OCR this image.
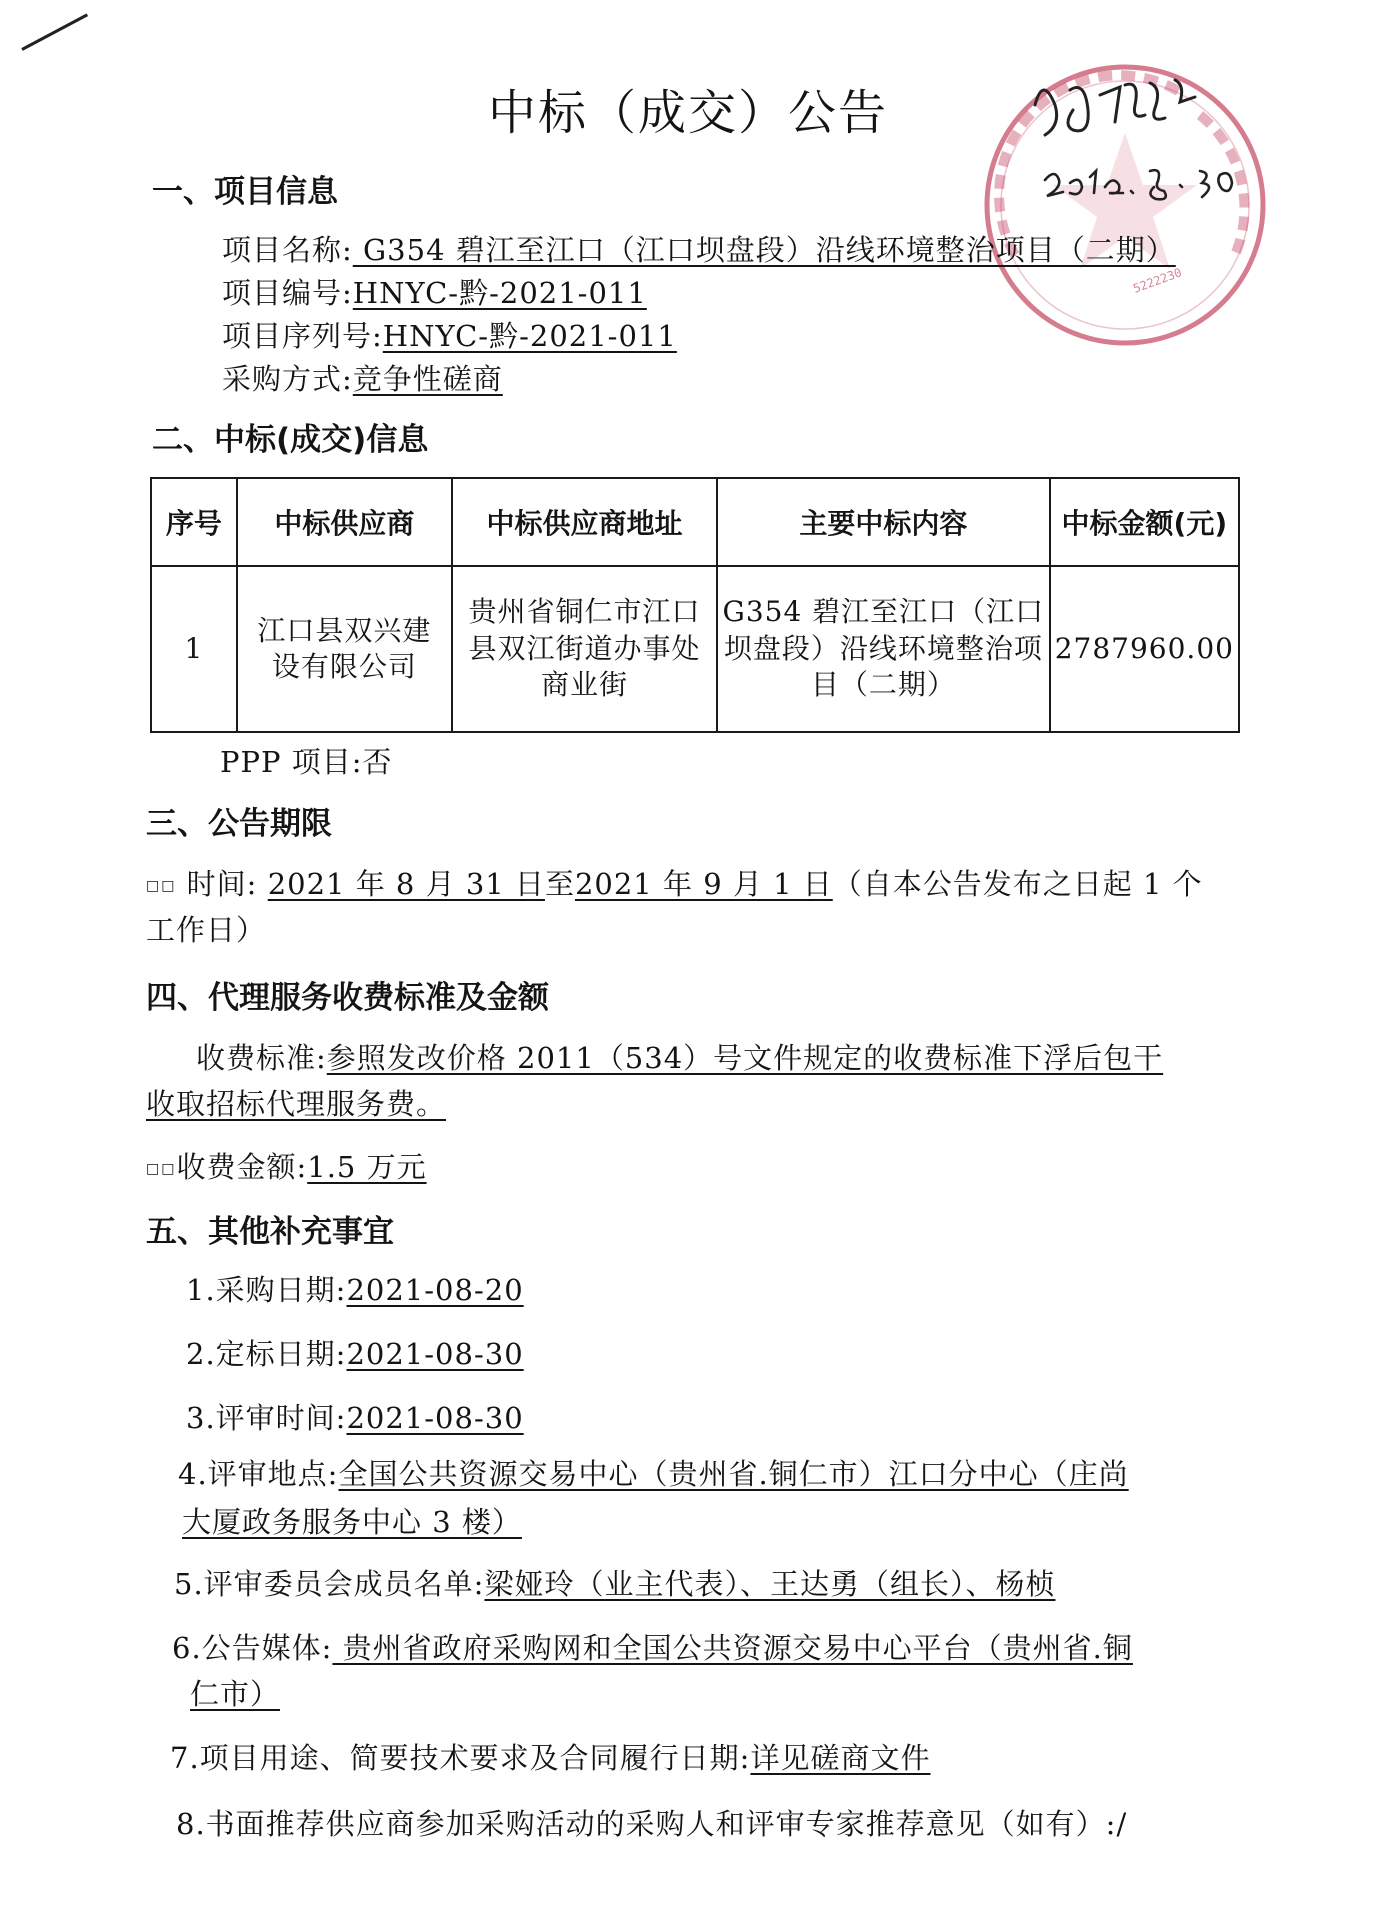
中标（成交）公告
5222230
一、项目信息
项目名称: G354 碧江至江口（江口坝盘段）沿线环境整治项目（二期）
项目编号:HNYC-黔-2021-011
项目序列号:HNYC-黔-2021-011
采购方式:竞争性磋商
二、中标(成交)信息
序号	中标供应商	中标供应商地址	主要中标内容	中标金额(元)
1	江口县双兴建设有限公司	贵州省铜仁市江口县双江街道办事处商业街	G354 碧江至江口（江口坝盘段）沿线环境整治项目（二期）	2787960.00
PPP 项目:否
三、公告期限
□□ 时间: 2021 年 8 月 31 日至2021 年 9 月 1 日（自本公告发布之日起 1 个
工作日）
四、代理服务收费标准及金额
收费标准:参照发改价格 2011（534）号文件规定的收费标准下浮后包干
收取招标代理服务费。
□□收费金额:1.5 万元
五、其他补充事宜
1.采购日期:2021-08-20
2.定标日期:2021-08-30
3.评审时间:2021-08-30
4.评审地点:全国公共资源交易中心（贵州省.铜仁市）江口分中心（庄尚
大厦政务服务中心 3 楼）
5.评审委员会成员名单:梁娅玲（业主代表）、王达勇（组长）、杨桢
6.公告媒体: 贵州省政府采购网和全国公共资源交易中心平台（贵州省.铜
仁市）
7.项目用途、简要技术要求及合同履行日期:详见磋商文件
8.书面推荐供应商参加采购活动的采购人和评审专家推荐意见（如有）:/
